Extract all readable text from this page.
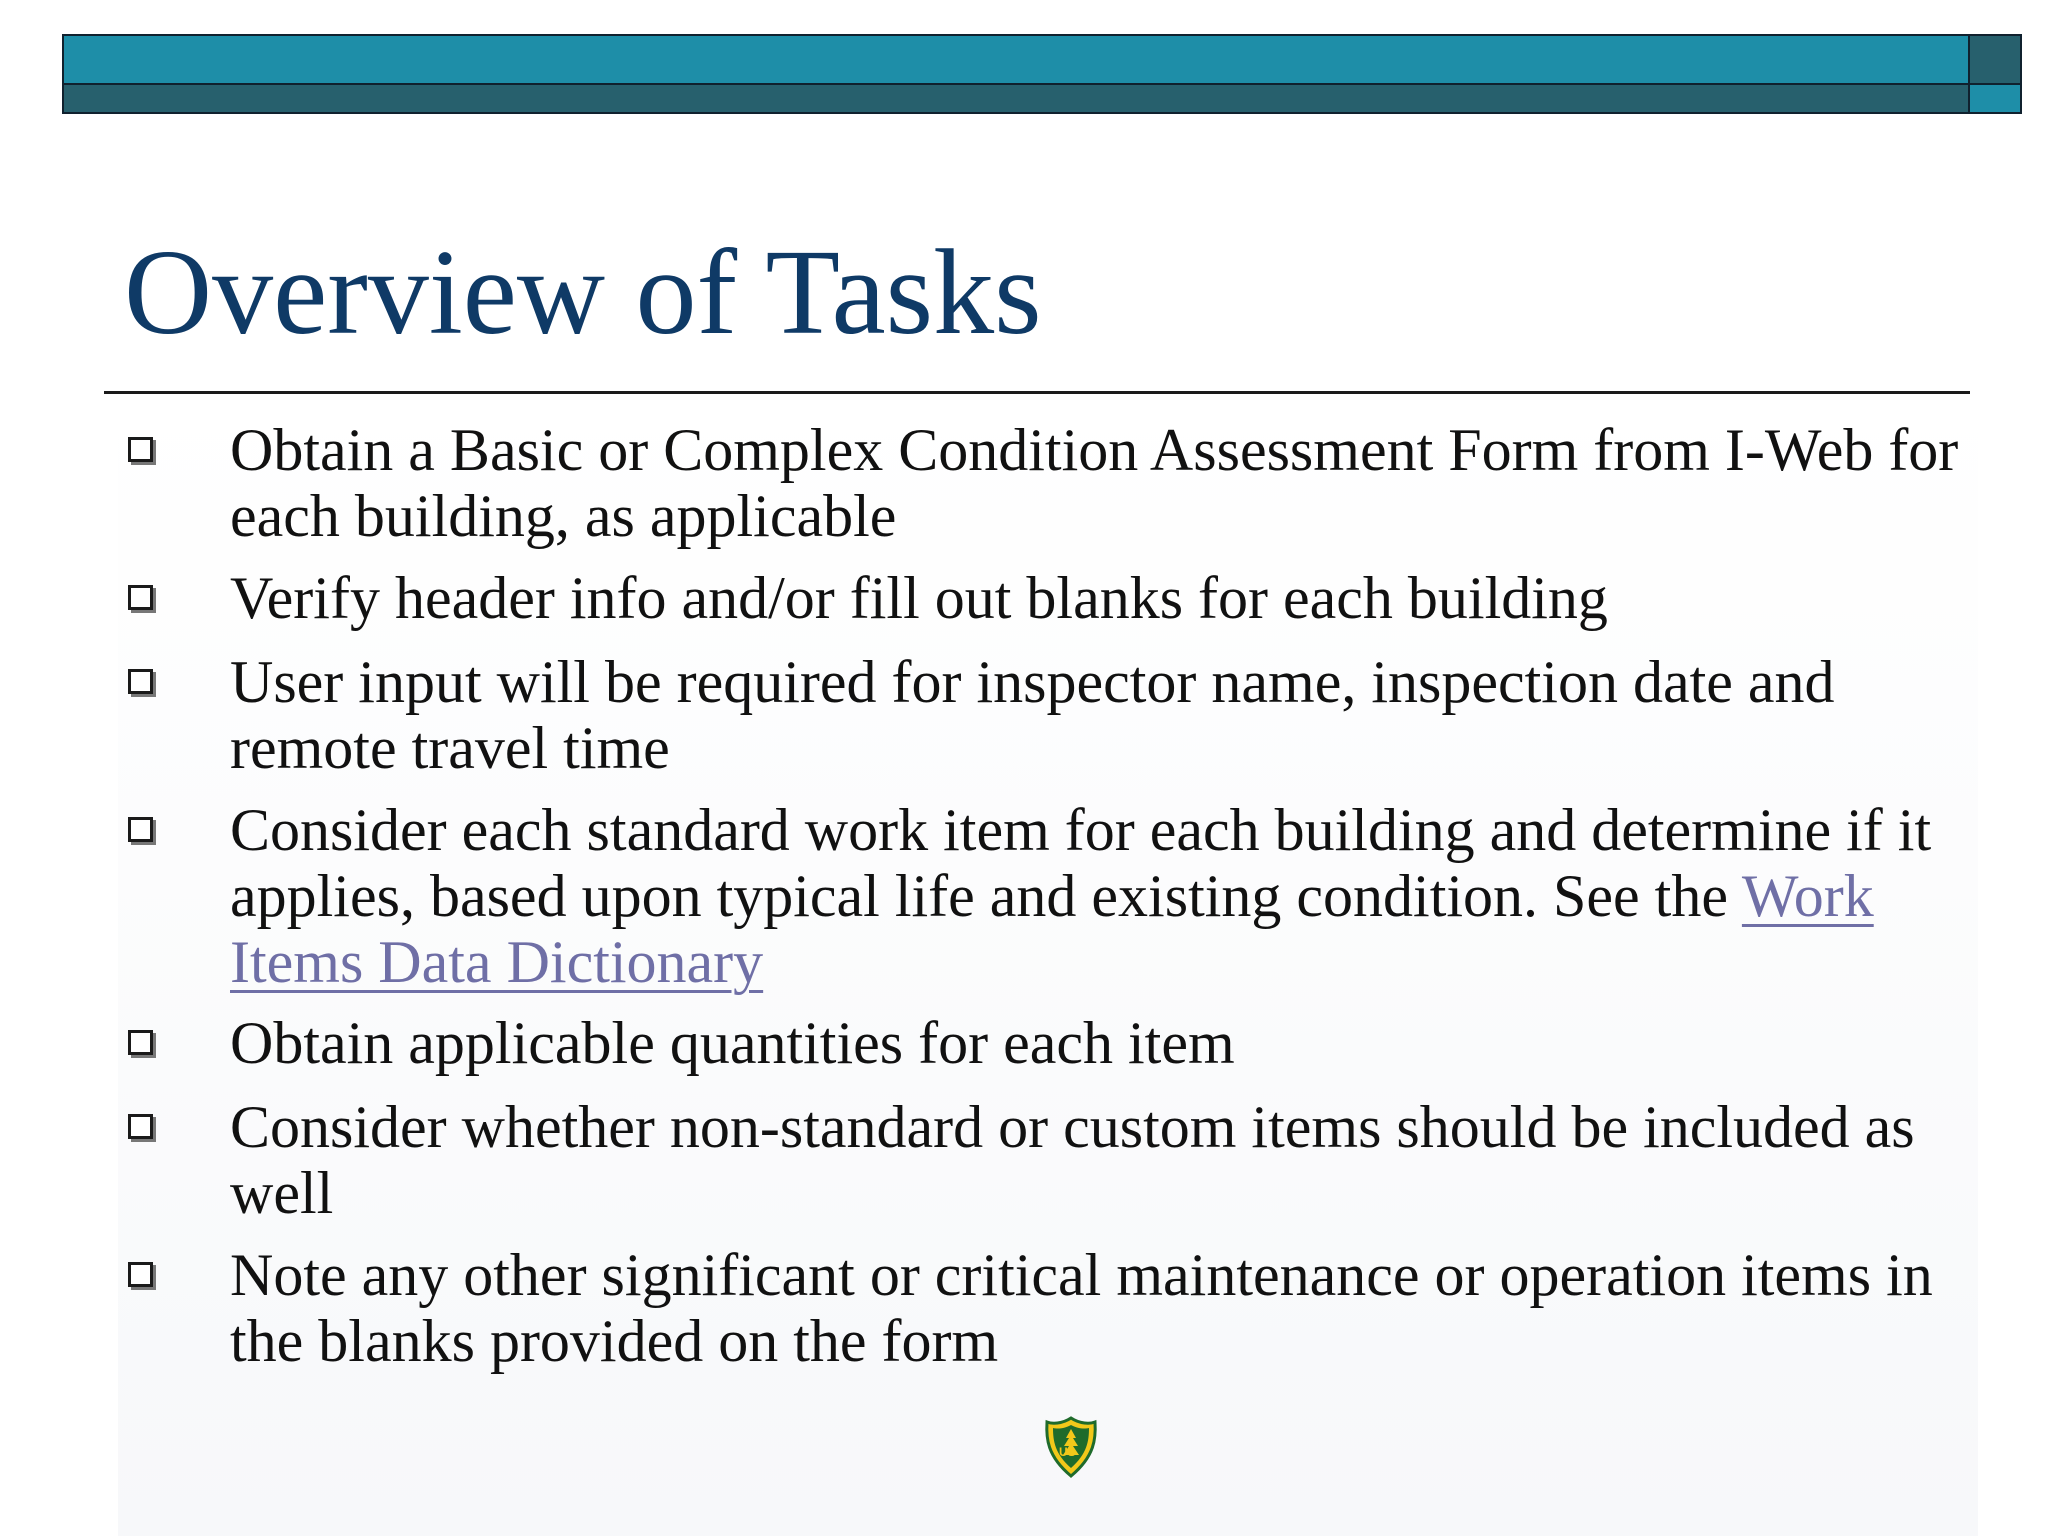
Overview of Tasks
Obtain a Basic or Complex Condition Assessment Form from I-Web for each building, as applicable
Verify header info and/or fill out blanks for each building
User input will be required for inspector name, inspection date and remote travel time
Consider each standard work item for each building and determine if it applies, based upon typical life and existing condition. See the Work Items Data Dictionary
Obtain applicable quantities for each item
Consider whether non-standard or custom items should be included as well
Note any other significant or critical maintenance or operation items in the blanks provided on the form
US
